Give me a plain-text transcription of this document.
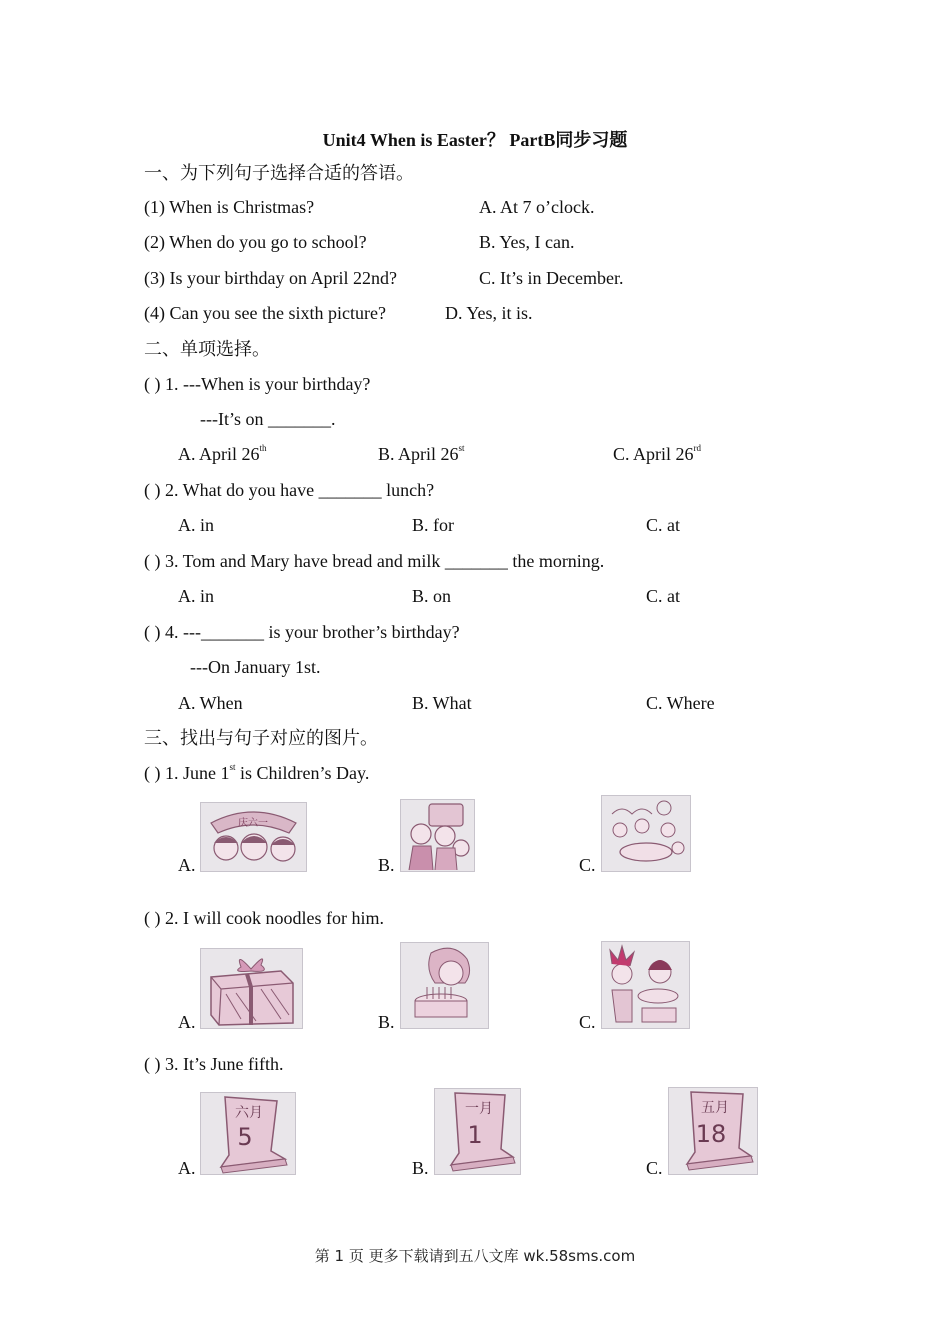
Unit4 When is Easter？ PartB同步习题
一、为下列句子选择合适的答语。
(1) When is Christmas?	A. At 7 o’clock.
(2) When do you go to school?	B. Yes, I can.
(3) Is your birthday on April 22nd?	C. It’s in December.
(4) Can you see the sixth picture?	D. Yes, it is.
二、单项选择。
( ) 1. ---When is your birthday?
---It’s on _______.
A. April 26th	B. April 26st	C. April 26rd
( ) 2. What do you have _______ lunch?
A. in	B. for	C. at
( ) 3. Tom and Mary have bread and milk _______ the morning.
A. in	B. on	C. at
( ) 4. ---_______ is your brother’s birthday?
---On January 1st.
A. When	B. What	C. Where
三、找出与句子对应的图片。
( ) 1. June 1st is Children’s Day.
A.
庆六一
B.	C.
( ) 2. I will cook noodles for him.
A.	B.	C.
( ) 3. It’s June fifth.
A.
六月
5
B.
一月
1
C.
五月
18
第 1 页 更多下载请到五八文库 wk.58sms.com
